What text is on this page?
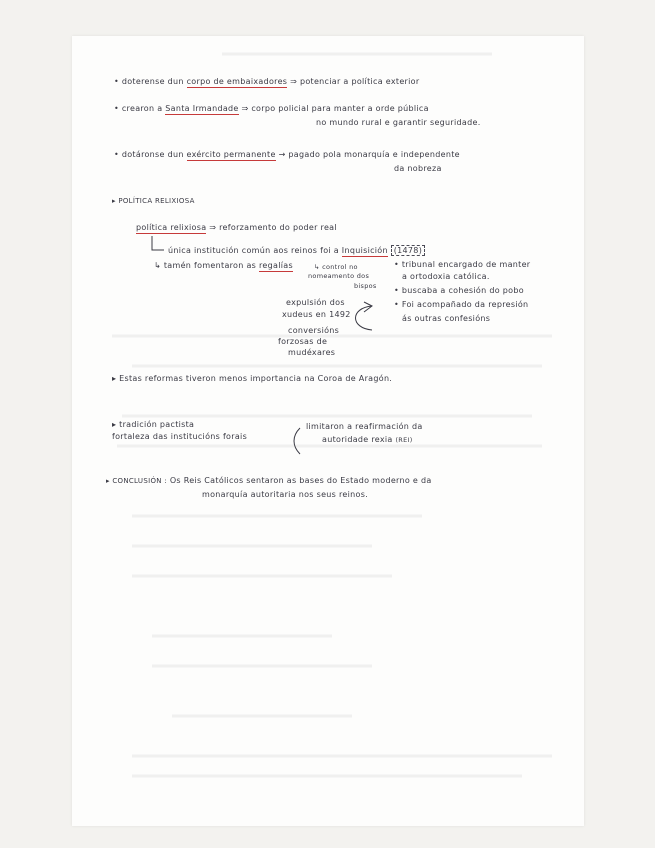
• doterense dun corpo de embaixadores ⇒ potenciar a política exterior
• crearon a Santa Irmandade ⇒ corpo policial para manter a orde pública
no mundo rural e garantir seguridade.
• dotáronse dun exército permanente → pagado pola monarquía e independente
da nobreza
▸ POLÍTICA RELIXIOSA
política relixiosa ⇒ reforzamento do poder real
única institución común aos reinos foi a Inquisición (1478)
↳ tamén fomentaron as regalías	↳ control no
nomeamento dos
bispos
• tribunal encargado de manter
a ortodoxia católica.
• buscaba a cohesión do pobo
• Foi acompañado da represión
ás outras confesións
expulsión dos
xudeus en 1492
conversións
forzosas de
mudéxares
▸ Estas reformas tiveron menos importancia na Coroa de Aragón.
▸ tradición pactista
fortaleza das institucións forais
limitaron a reafirmación da
autoridade rexia (REI)
▸ CONCLUSIÓN : Os Reis Católicos sentaron as bases do Estado moderno e da
monarquía autoritaria nos seus reinos.
